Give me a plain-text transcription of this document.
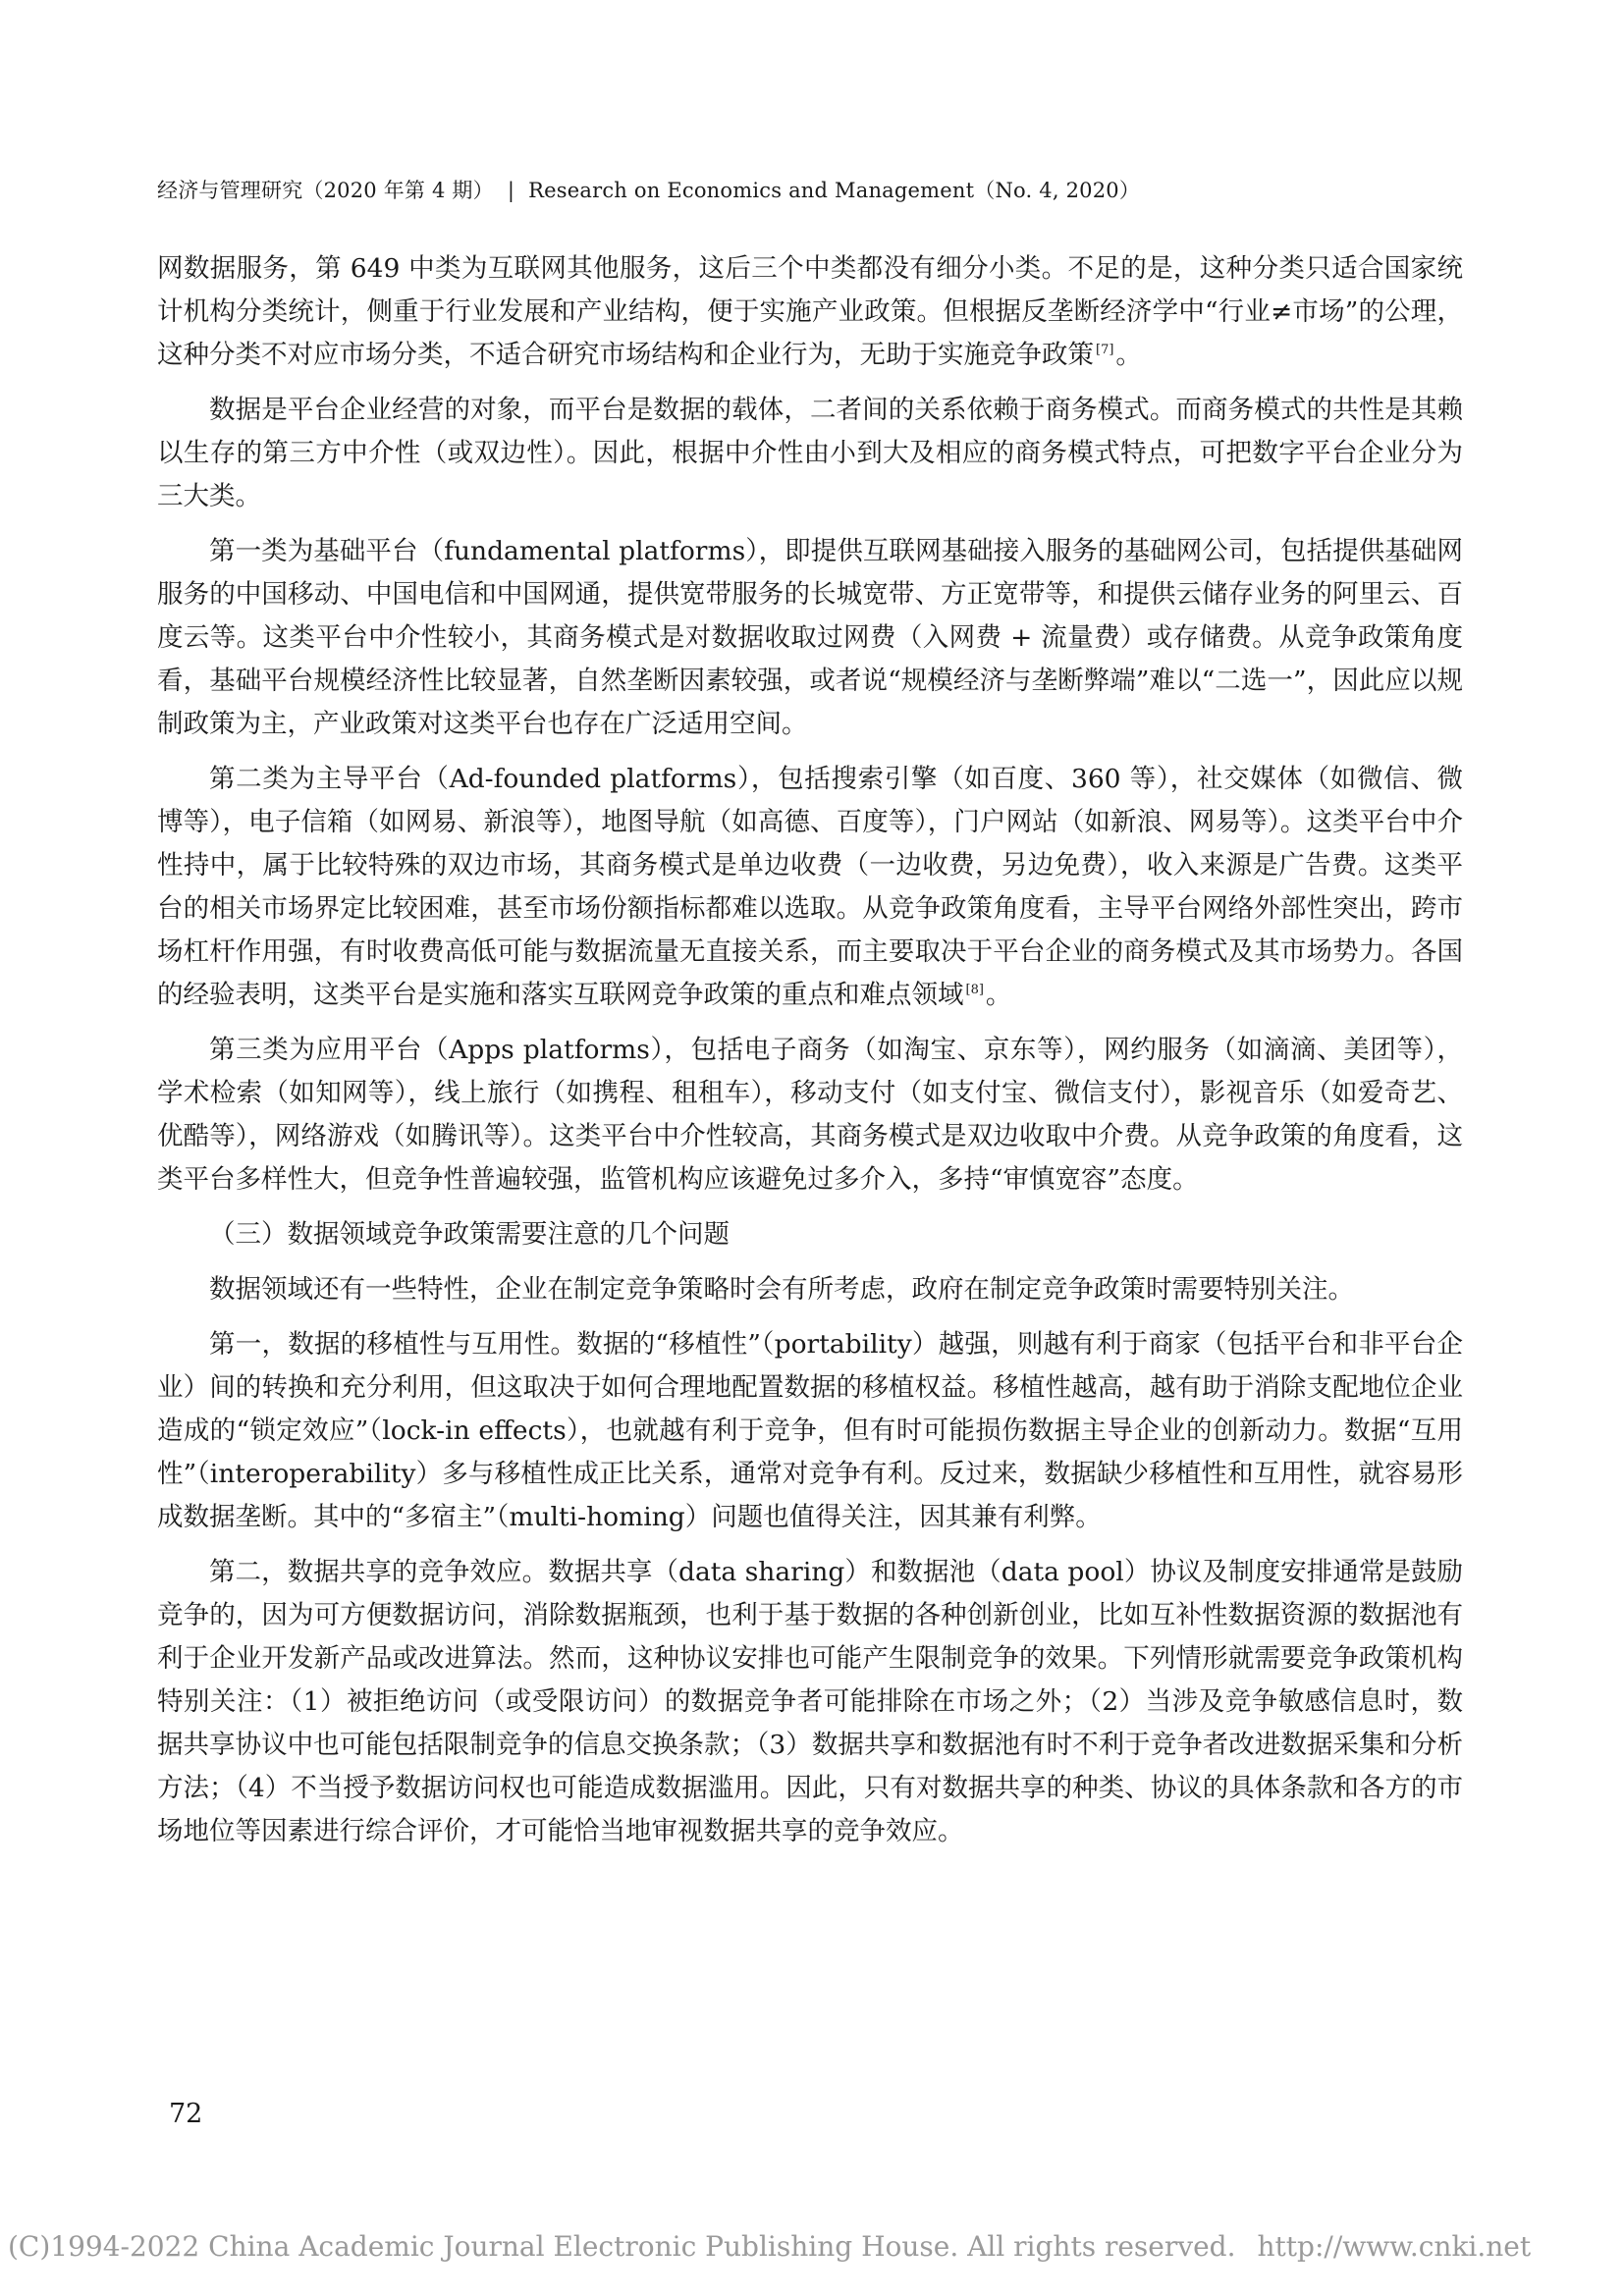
经济与管理研究（2020 年第 4 期） | Research on Economics and Management（No. 4, 2020）

网数据服务，第 649 中类为互联网其他服务，这后三个中类都没有细分小类。不足的是，这种分类只适合国家统计机构分类统计，侧重于行业发展和产业结构，便于实施产业政策。但根据反垄断经济学中“行业≠市场”的公理，这种分类不对应市场分类，不适合研究市场结构和企业行为，无助于实施竞争政策 [7]。

数据是平台企业经营的对象，而平台是数据的载体，二者间的关系依赖于商务模式。而商务模式的共性是其赖以生存的第三方中介性（或双边性）。因此，根据中介性由小到大及相应的商务模式特点，可把数字平台企业分为三大类。

第一类为基础平台（fundamental platforms），即提供互联网基础接入服务的基础网公司，包括提供基础网服务的中国移动、中国电信和中国网通，提供宽带服务的长城宽带、方正宽带等，和提供云储存业务的阿里云、百度云等。这类平台中介性较小，其商务模式是对数据收取过网费（入网费 + 流量费）或存储费。从竞争政策角度看，基础平台规模经济性比较显著，自然垄断因素较强，或者说“规模经济与垄断弊端”难以“二选一”，因此应以规制政策为主，产业政策对这类平台也存在广泛适用空间。

第二类为主导平台（Ad-founded platforms），包括搜索引擎（如百度、360 等），社交媒体（如微信、微博等），电子信箱（如网易、新浪等），地图导航（如高德、百度等），门户网站（如新浪、网易等）。这类平台中介性持中，属于比较特殊的双边市场，其商务模式是单边收费（一边收费，另边免费），收入来源是广告费。这类平台的相关市场界定比较困难，甚至市场份额指标都难以选取。从竞争政策角度看，主导平台网络外部性突出，跨市场杠杆作用强，有时收费高低可能与数据流量无直接关系，而主要取决于平台企业的商务模式及其市场势力。各国的经验表明，这类平台是实施和落实互联网竞争政策的重点和难点领域 [8]。

第三类为应用平台（Apps platforms），包括电子商务（如淘宝、京东等），网约服务（如滴滴、美团等），学术检索（如知网等），线上旅行（如携程、租租车），移动支付（如支付宝、微信支付），影视音乐（如爱奇艺、优酷等），网络游戏（如腾讯等）。这类平台中介性较高，其商务模式是双边收取中介费。从竞争政策的角度看，这类平台多样性大，但竞争性普遍较强，监管机构应该避免过多介入，多持“审慎宽容”态度。

（三）数据领域竞争政策需要注意的几个问题

数据领域还有一些特性，企业在制定竞争策略时会有所考虑，政府在制定竞争政策时需要特别关注。

第一，数据的移植性与互用性。数据的“移植性”（portability）越强，则越有利于商家（包括平台和非平台企业）间的转换和充分利用，但这取决于如何合理地配置数据的移植权益。移植性越高，越有助于消除支配地位企业造成的“锁定效应”（lock-in effects），也就越有利于竞争，但有时可能损伤数据主导企业的创新动力。数据“互用性”（interoperability）多与移植性成正比关系，通常对竞争有利。反过来，数据缺少移植性和互用性，就容易形成数据垄断。其中的“多宿主”（multi-homing）问题也值得关注，因其兼有利弊。

第二，数据共享的竞争效应。数据共享（data sharing）和数据池（data pool）协议及制度安排通常是鼓励竞争的，因为可方便数据访问，消除数据瓶颈，也利于基于数据的各种创新创业，比如互补性数据资源的数据池有利于企业开发新产品或改进算法。然而，这种协议安排也可能产生限制竞争的效果。下列情形就需要竞争政策机构特别关注：（1）被拒绝访问（或受限访问）的数据竞争者可能排除在市场之外；（2）当涉及竞争敏感信息时，数据共享协议中也可能包括限制竞争的信息交换条款；（3）数据共享和数据池有时不利于竞争者改进数据采集和分析方法；（4）不当授予数据访问权也可能造成数据滥用。因此，只有对数据共享的种类、协议的具体条款和各方的市场地位等因素进行综合评价，才可能恰当地审视数据共享的竞争效应。

72
(C)1994-2022 China Academic Journal Electronic Publishing House. All rights reserved. http://www.cnki.net
